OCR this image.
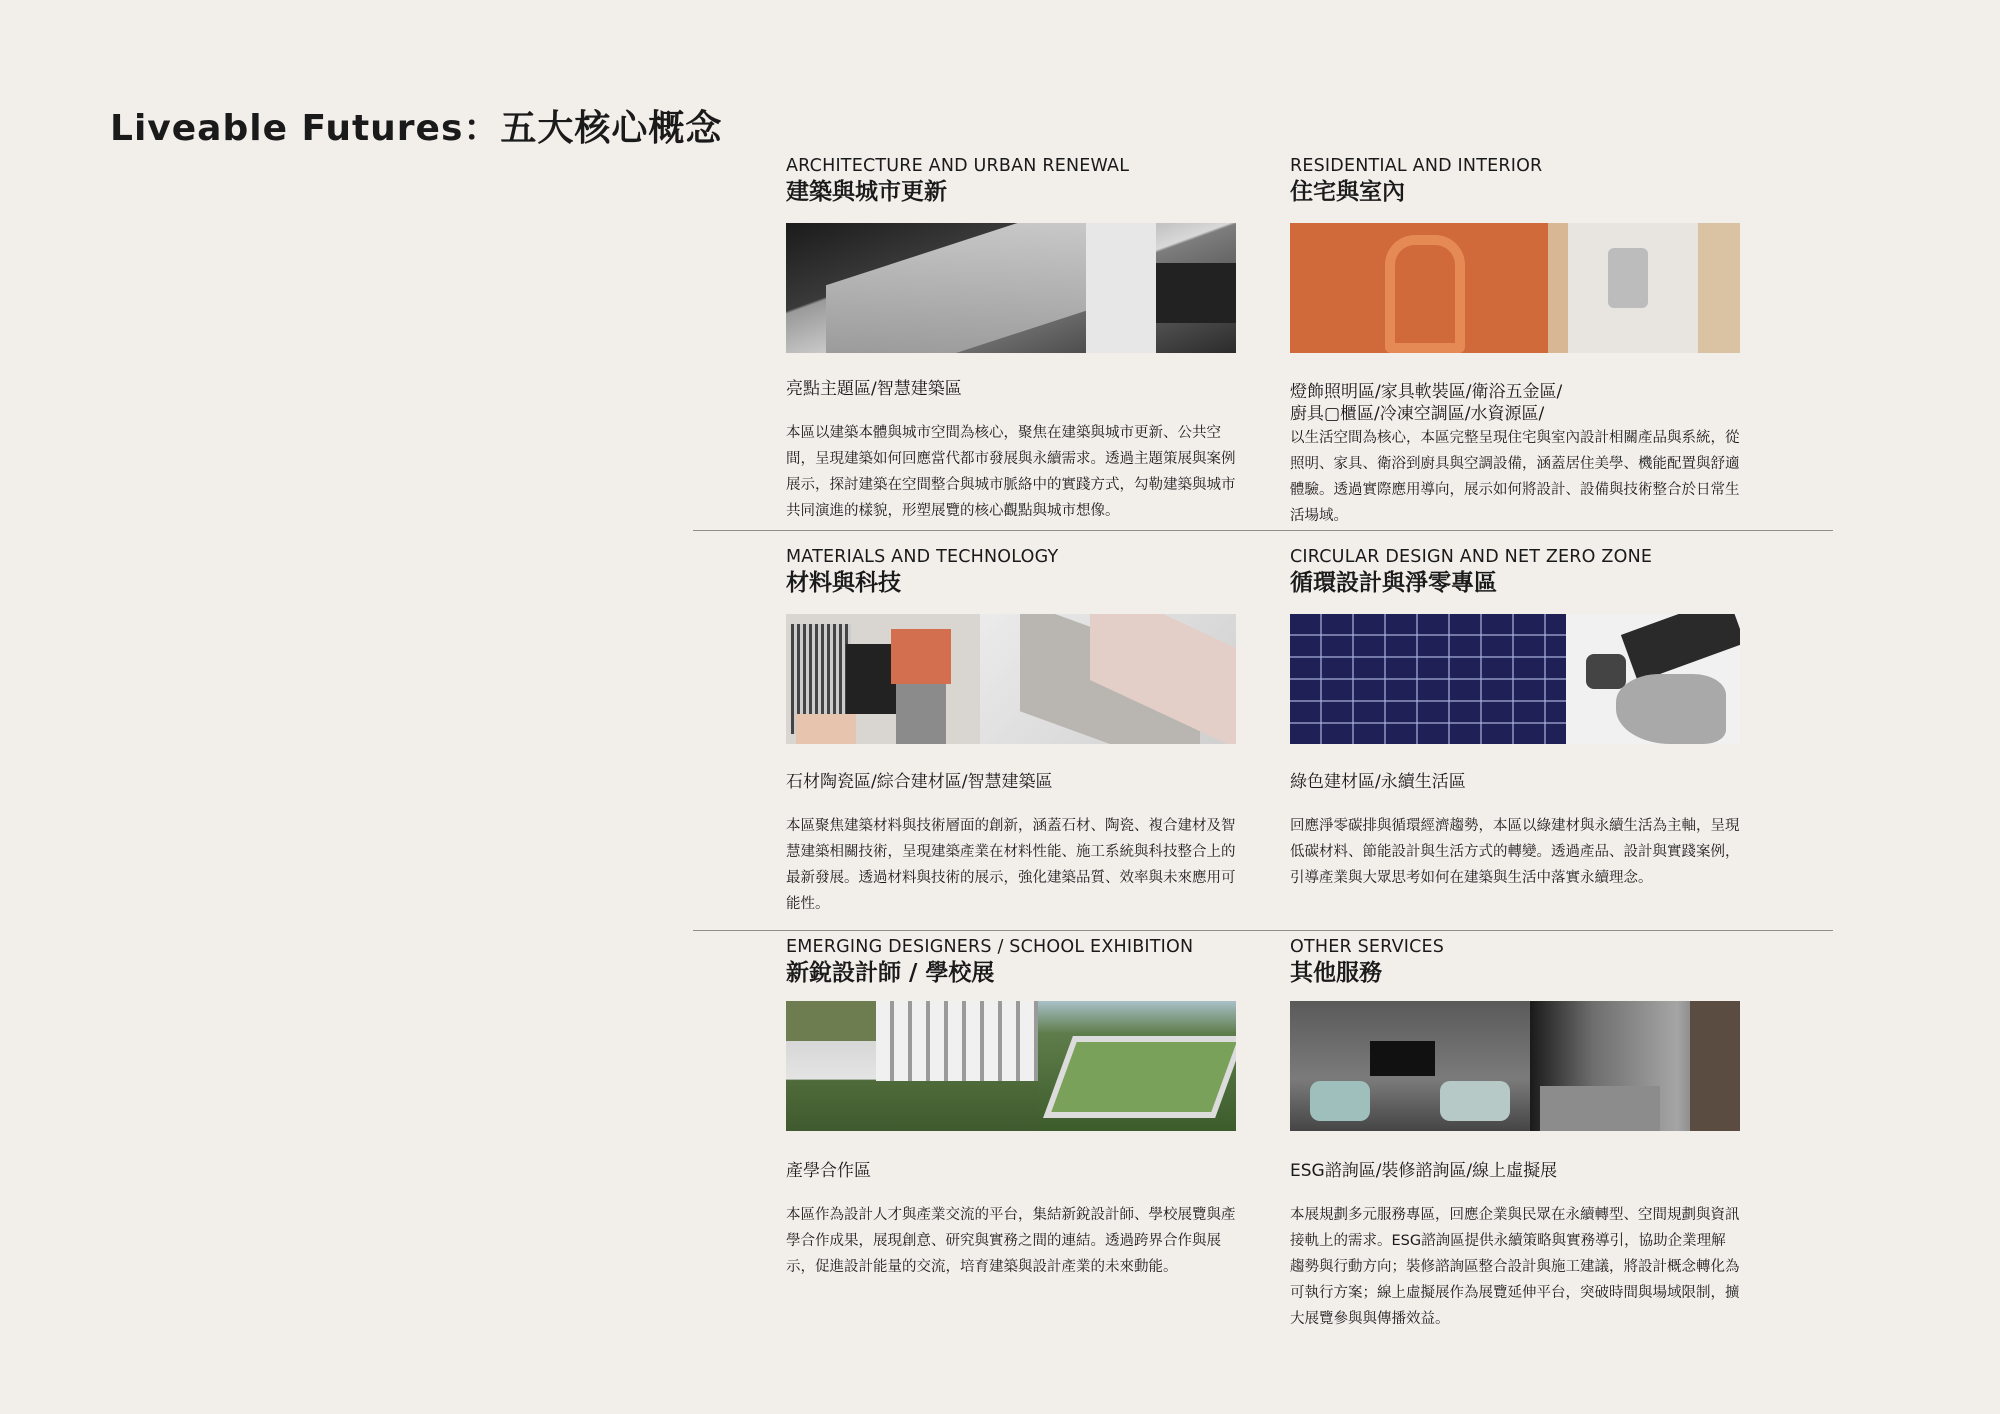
Liveable Futures：五大核心概念

ARCHITECTURE AND URBAN RENEWAL

建築與城市更新

亮點主題區/智慧建築區

本區以建築本體與城市空間為核心，聚焦在建築與城市更新、公共空間，呈現建築如何回應當代都市發展與永續需求。透過主題策展與案例展示，探討建築在空間整合與城市脈絡中的實踐方式，勾勒建築與城市共同演進的樣貌，形塑展覽的核心觀點與城市想像。

RESIDENTIAL AND INTERIOR

住宅與室內

燈飾照明區/家具軟裝區/衛浴五金區/
廚具▢櫃區/冷凍空調區/水資源區/

以生活空間為核心，本區完整呈現住宅與室內設計相關產品與系統，從照明、家具、衛浴到廚具與空調設備，涵蓋居住美學、機能配置與舒適體驗。透過實際應用導向，展示如何將設計、設備與技術整合於日常生活場域。

MATERIALS AND TECHNOLOGY

材料與科技

石材陶瓷區/綜合建材區/智慧建築區

本區聚焦建築材料與技術層面的創新，涵蓋石材、陶瓷、複合建材及智慧建築相關技術，呈現建築產業在材料性能、施工系統與科技整合上的最新發展。透過材料與技術的展示，強化建築品質、效率與未來應用可能性。

CIRCULAR DESIGN AND NET ZERO ZONE

循環設計與淨零專區

綠色建材區/永續生活區

回應淨零碳排與循環經濟趨勢，本區以綠建材與永續生活為主軸，呈現低碳材料、節能設計與生活方式的轉變。透過產品、設計與實踐案例，引導產業與大眾思考如何在建築與生活中落實永續理念。

EMERGING DESIGNERS / SCHOOL EXHIBITION

新銳設計師 / 學校展

產學合作區

本區作為設計人才與產業交流的平台，集結新銳設計師、學校展覽與產學合作成果，展現創意、研究與實務之間的連結。透過跨界合作與展示，促進設計能量的交流，培育建築與設計產業的未來動能。

OTHER SERVICES

其他服務

ESG諮詢區/裝修諮詢區/線上虛擬展

本展規劃多元服務專區，回應企業與民眾在永續轉型、空間規劃與資訊接軌上的需求。ESG諮詢區提供永續策略與實務導引，協助企業理解趨勢與行動方向；裝修諮詢區整合設計與施工建議，將設計概念轉化為可執行方案；線上虛擬展作為展覽延伸平台，突破時間與場域限制，擴大展覽參與與傳播效益。
